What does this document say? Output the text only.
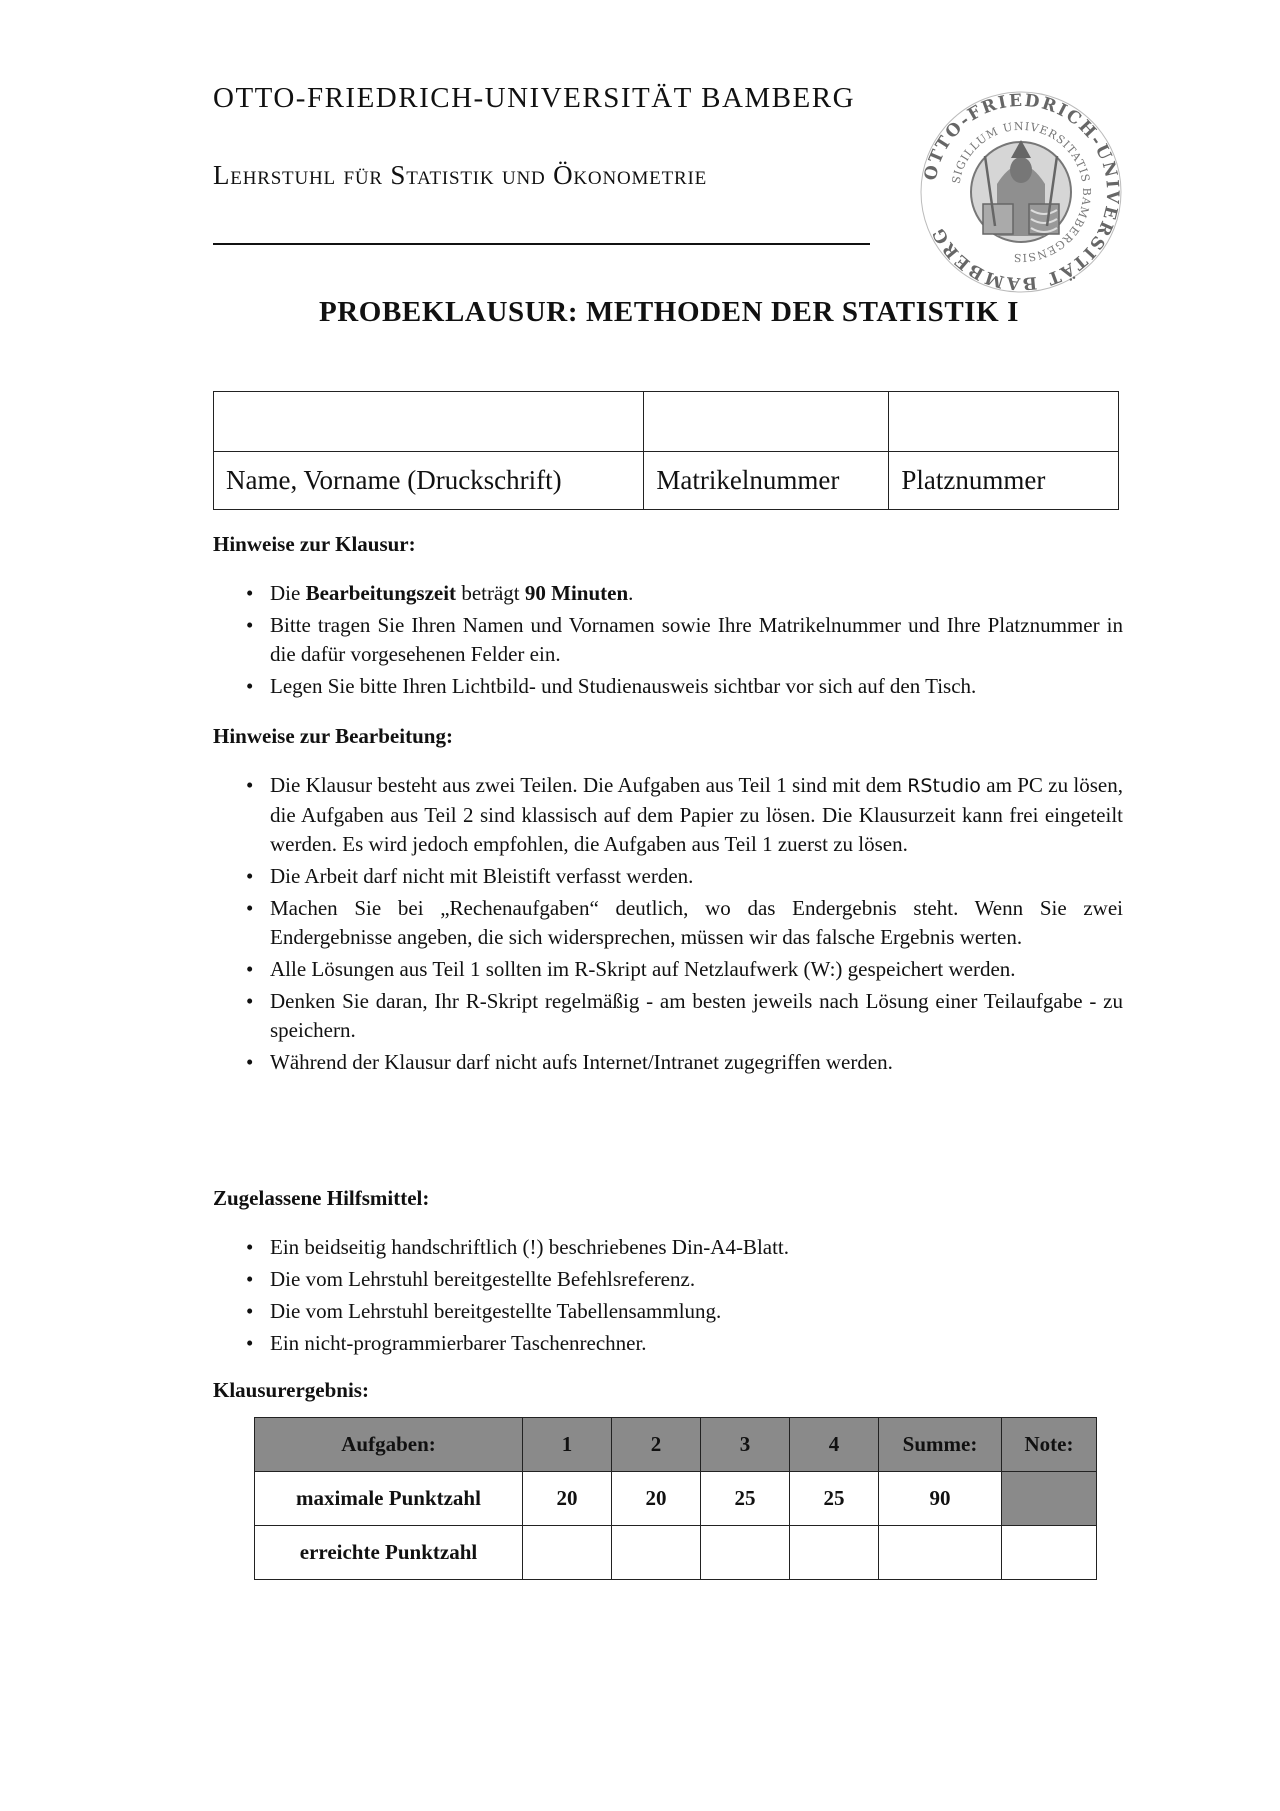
OTTO-FRIEDRICH-UNIVERSITÄT BAMBERG
Lehrstuhl für Statistik und Ökonometrie	OTTO-FRIEDRICH-UNIVERSITÄT BAMBERG
SIGILLUM UNIVERSITATIS BAMBERGENSIS
PROBEKLAUSUR: METHODEN DER STATISTIK I

Name, Vorname (Druckschrift)	Matrikelnummer	Platznummer

Hinweise zur Klausur:

• Die Bearbeitungszeit beträgt 90 Minuten.
• Bitte tragen Sie Ihren Namen und Vornamen sowie Ihre Matrikelnummer und Ihre Platznummer in die dafür vorgesehenen Felder ein.
• Legen Sie bitte Ihren Lichtbild- und Studienausweis sichtbar vor sich auf den Tisch.

Hinweise zur Bearbeitung:

• Die Klausur besteht aus zwei Teilen. Die Aufgaben aus Teil 1 sind mit dem RStudio am PC zu lösen, die Aufgaben aus Teil 2 sind klassisch auf dem Papier zu lösen. Die Klausurzeit kann frei eingeteilt werden. Es wird jedoch empfohlen, die Aufgaben aus Teil 1 zuerst zu lösen.
• Die Arbeit darf nicht mit Bleistift verfasst werden.
• Machen Sie bei „Rechenaufgaben“ deutlich, wo das Endergebnis steht. Wenn Sie zwei Endergebnisse angeben, die sich widersprechen, müssen wir das falsche Ergebnis werten.
• Alle Lösungen aus Teil 1 sollten im R-Skript auf Netzlaufwerk (W:) gespeichert werden.
• Denken Sie daran, Ihr R-Skript regelmäßig - am besten jeweils nach Lösung einer Teilaufgabe - zu speichern.
• Während der Klausur darf nicht aufs Internet/Intranet zugegriffen werden.

Zugelassene Hilfsmittel:

• Ein beidseitig handschriftlich (!) beschriebenes Din-A4-Blatt.
• Die vom Lehrstuhl bereitgestellte Befehlsreferenz.
• Die vom Lehrstuhl bereitgestellte Tabellensammlung.
• Ein nicht-programmierbarer Taschenrechner.

Klausurergebnis:

Aufgaben:	1	2	3	4	Summe:	Note:
maximale Punktzahl	20	20	25	25	90	
erreichte Punktzahl						
